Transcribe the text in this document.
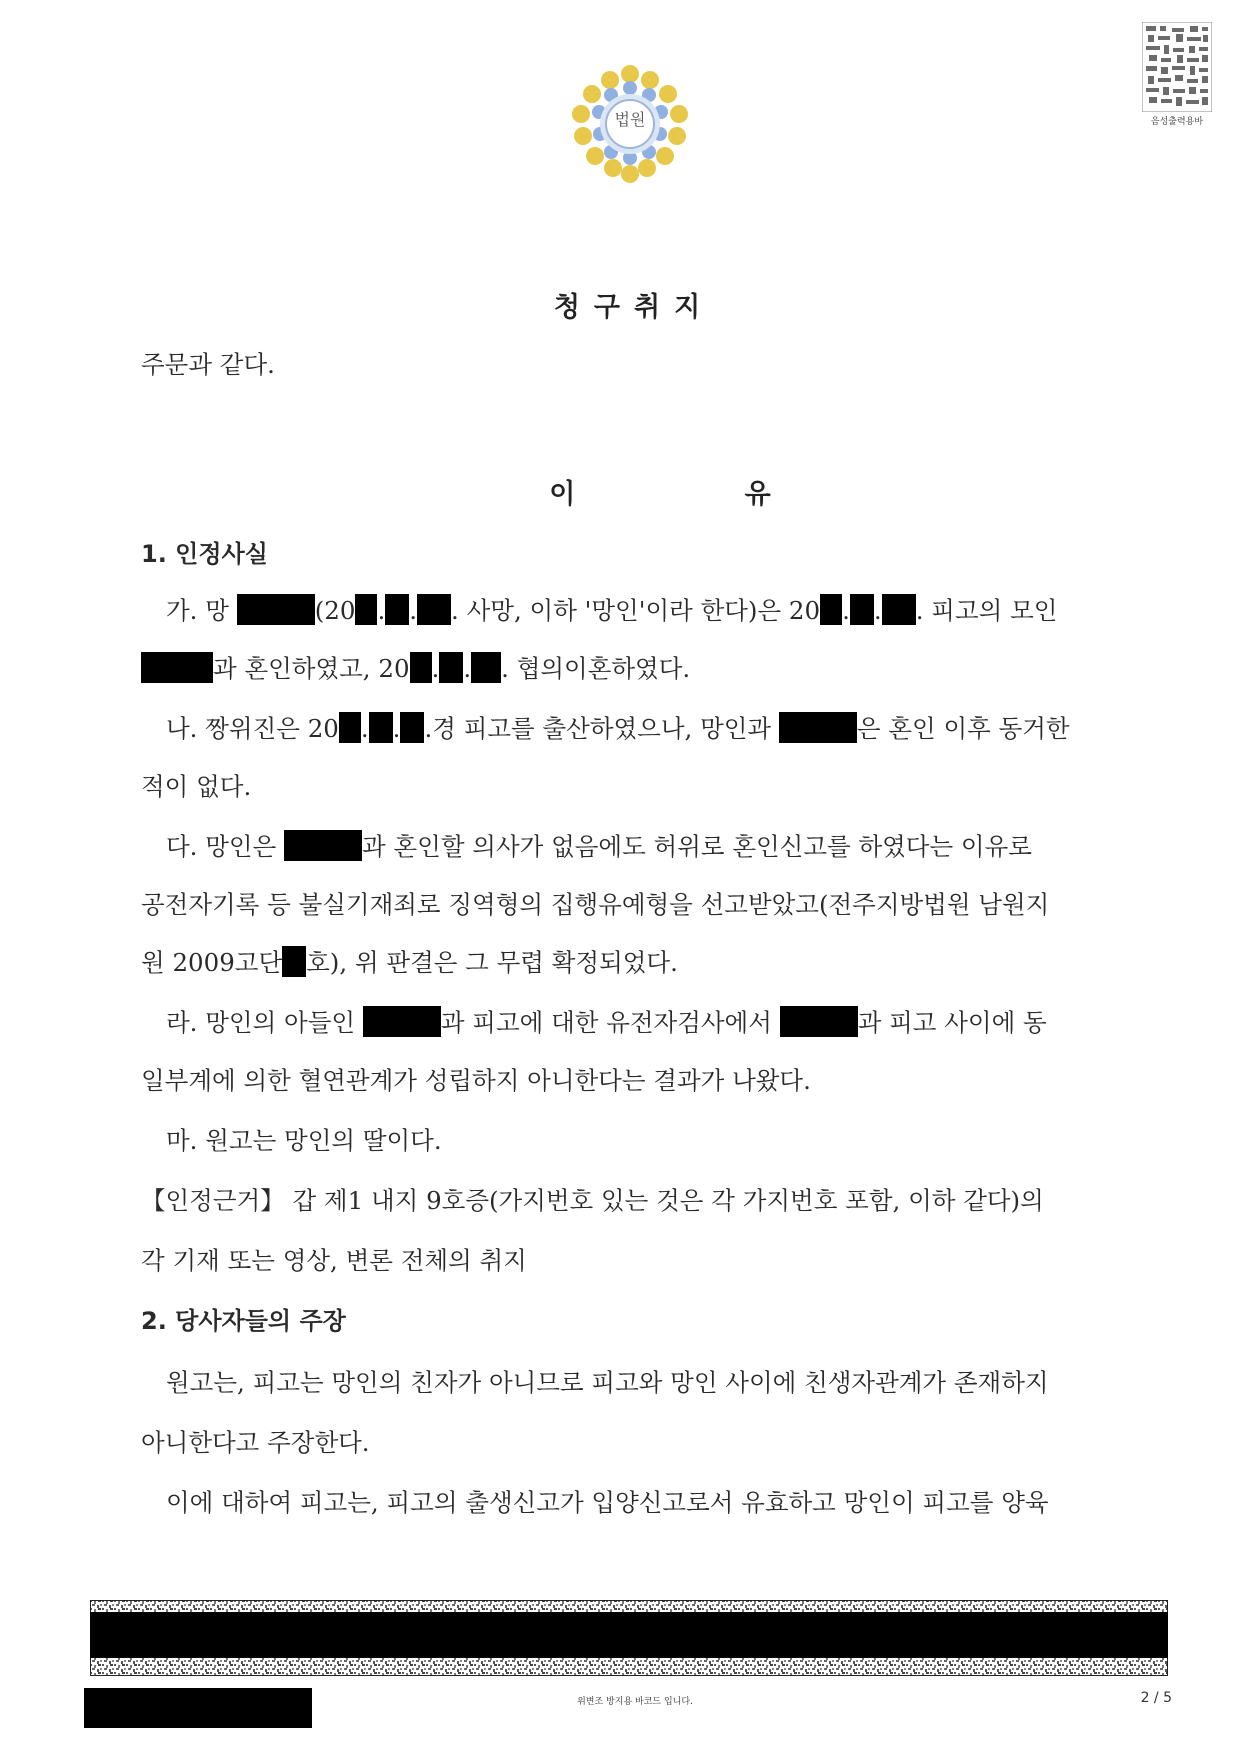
법원	음성출력용바
청구취지
주문과 같다.
이 유
1. 인정사실
가. 망	(20 . . . 사망, 이하 '망인'이라 한다)은 20 . . . 피고의 모인
과 혼인하였고, 20 . . . 협의이혼하였다.
나. 짱위진은 20 . . .경 피고를 출산하였으나, 망인과	은 혼인 이후 동거한
적이 없다.
다. 망인은	과 혼인할 의사가 없음에도 허위로 혼인신고를 하였다는 이유로
공전자기록 등 불실기재죄로 징역형의 집행유예형을 선고받았고(전주지방법원 남원지
원 2009고단 호), 위 판결은 그 무렵 확정되었다.
라. 망인의 아들인	과 피고에 대한 유전자검사에서	과 피고 사이에 동
일부계에 의한 혈연관계가 성립하지 아니한다는 결과가 나왔다.
마. 원고는 망인의 딸이다.
【인정근거】 갑 제1 내지 9호증(가지번호 있는 것은 각 가지번호 포함, 이하 같다)의
각 기재 또는 영상, 변론 전체의 취지
2. 당사자들의 주장
원고는, 피고는 망인의 친자가 아니므로 피고와 망인 사이에 친생자관계가 존재하지
아니한다고 주장한다.
이에 대하여 피고는, 피고의 출생신고가 입양신고로서 유효하고 망인이 피고를 양육
위변조 방지용 바코드 입니다.	2 / 5
